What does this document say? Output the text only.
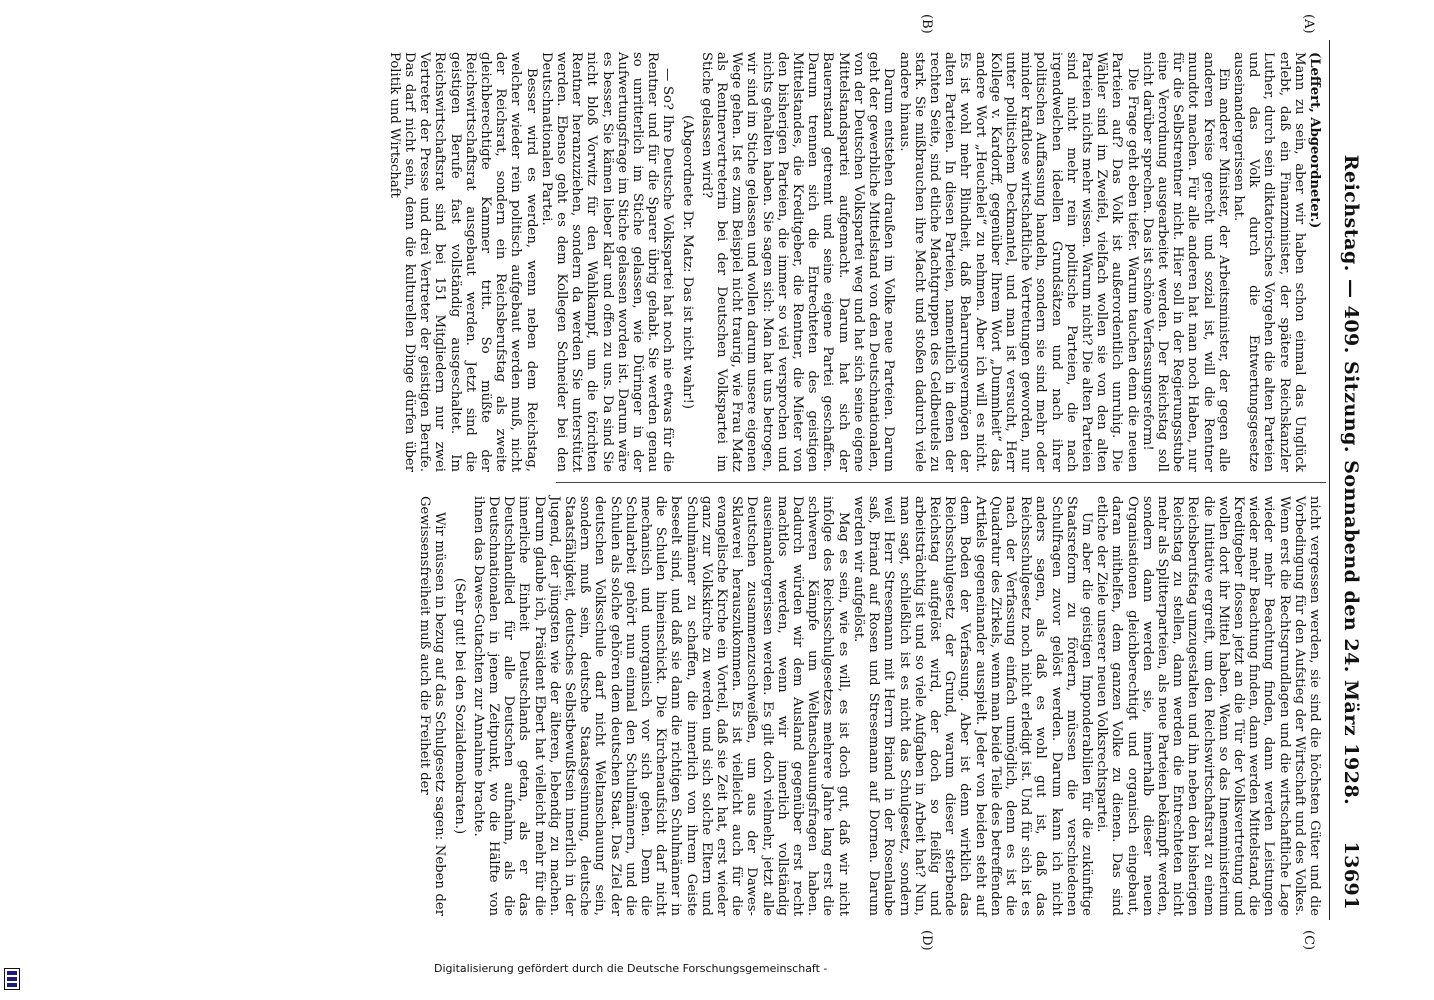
Reichstag. — 409. Sitzung. Sonnabend den 24. März 1928.
13691
(A)
(B)
(C)
(D)

(Leffert, Abgeordneter.)

Mann zu sein, aber wir haben schon einmal das Unglück erlebt, daß ein Finanzminister, der spätere Reichskanzler Luther, durch sein diktatorisches Vorgehen die alten Parteien und das Volk durch die Entwertungsgesetze auseinandergerissen hat.

Ein anderer Minister, der Arbeitsminister, der gegen alle anderen Kreise gerecht und sozial ist, will die Rentner mundtot machen. Für alle anderen hat man noch Haben, nur für die Selbstrentner nicht. Hier soll in der Regierungsstube eine Verordnung ausgearbeitet werden. Der Reichstag soll nicht darüber sprechen. Das ist schöne Verfassungsreform!

Die Frage geht eben tiefer. Warum tauchen denn die neuen Parteien auf? Das Volk ist außerordentlich unruhig. Die Wähler sind im Zweifel, vielfach wollen sie von den alten Parteien nichts mehr wissen. Warum nicht? Die alten Parteien sind nicht mehr rein politische Parteien, die nach irgendwelchen ideellen Grundsätzen und nach ihrer politischen Auffassung handeln, sondern sie sind mehr oder minder kraftlose wirtschaftliche Vertretungen geworden, nur unter politischem Deckmantel, und man ist versucht, Herr Kollege v. Kardorff, gegenüber Ihrem Wort „Dummheit“ das andere Wort „Heuchelei“ zu nehmen. Aber ich will es nicht. Es ist wohl mehr Blindheit, daß Beharrungsvermögen der alten Parteien. In diesen Parteien, namentlich in denen der rechten Seite, sind etliche Machtgruppen des Geldbeutels zu stark. Sie mißbrauchen ihre Macht und stoßen dadurch viele andere hinaus.

Darum entstehen draußen im Volke neue Parteien. Darum geht der gewerbliche Mittelstand von den Deutschnationalen, von der Deutschen Volkspartei weg und hat sich seine eigene Mittelstandspartei aufgemacht. Darum hat sich der Bauernstand getrennt und seine eigene Partei geschaffen. Darum trennen sich die Entrechteten des geistigen Mittelstandes, die Kreditgeber, die Rentner, die Mieter von den bisherigen Parteien, die immer so viel versprochen und nichts gehalten haben. Sie sagen sich: Man hat uns betrogen, wir sind im Stiche gelassen und wollen darum unsere eigenen Wege gehen. Ist es zum Beispiel nicht traurig, wie Frau Matz als Rentnervertreterin bei der Deutschen Volkspartei im Stiche gelassen wird?

(Abgeordnete Dr. Matz: Das ist nicht wahr!)

— So? Ihre Deutsche Volkspartei hat noch nie etwas für die Rentner und für die Sparer übrig gehabt. Sie werden genau so unritterlich im Stiche gelassen, wie Düringer in der Aufwertungsfrage im Stiche gelassen worden ist. Darum wäre es besser, Sie kämen lieber klar und offen zu uns. Da sind Sie nicht bloß Vorwitz für den Wahlkampf, um die törichten Rentner heranzuziehen, sondern da werden Sie unterstützt werden. Ebenso geht es dem Kollegen Schneider bei den Deutschnationalen Partei.

Besser wird es werden, wenn neben dem Reichstag, welcher wieder rein politisch aufgebaut werden muß, nicht der Reichsrat, sondern ein Reichsberufstag als zweite gleichberechtigte Kammer tritt. So müßte der Reichswirtschaftsrat ausgebaut werden. Jetzt sind die geistigen Berufe fast vollständig ausgeschaltet. Im Reichswirtschaftsrat sind bei 151 Mitgliedern nur zwei Vertreter der Presse und drei Vertreter der geistigen Berufe. Das darf nicht sein, denn die kulturellen Dinge dürfen über Politik und Wirtschaft

nicht vergessen werden, sie sind die höchsten Güter und die Vorbedingung für den Aufstieg der Wirtschaft und des Volkes. Wenn erst die Rechtsgrundlagen und die wirtschaftliche Lage wieder mehr Beachtung finden, dann werden Leistungen wieder mehr Beachtung finden, dann werden Mittelstand, die Kreditgeber flossen jetzt an die Tür der Volksvertretung und wollen dort ihr Mittel haben. Wenn so das Innenministerium die Initiative ergreift, um den Reichswirtschaftsrat zu einem Reichsberufstag umzugestalten und ihn neben den bisherigen Reichstag zu stellen, dann werden die Entrechteten nicht mehr als Splitterparteien, als neue Parteien bekämpft werden, sondern dann werden sie, innerhalb dieser neuen Organisationen gleichberechtigt und organisch eingebaut, daran mithelfen, dem ganzen Volke zu dienen. Das sind etliche der Ziele unserer neuen Volksrechtspartei.

Um aber die geistigen Imponderabilien für die zukünftige Staatsreform zu fördern, müssen die verschiedenen Schulfragen zuvor gelöst werden. Darum kann ich nicht anders sagen, als daß es wohl gut ist, daß das Reichsschulgesetz noch nicht erledigt ist. Und für sich ist es nach der Verfassung einfach unmöglich, denn es ist die Quadratur des Zirkels, wenn man beide Teile des betreffenden Artikels gegeneinander ausspielt. Jeder von beiden steht auf dem Boden der Verfassung. Aber ist denn wirklich das Reichsschulgesetz der Grund, warum dieser sterbende Reichstag aufgelöst wird, der doch so fleißig und arbeitsträchtig ist und so viele Aufgaben in Arbeit hat? Nun, man sagt, schließlich ist es nicht das Schulgesetz, sondern weil Herr Stresemann mit Herrn Briand in der Rosenlaube saß, Briand auf Rosen und Stresemann auf Dornen. Darum werden wir aufgelöst.

Mag es sein, wie es will, es ist doch gut, daß wir nicht infolge des Reichsschulgesetzes mehrere Jahre lang erst die schweren Kämpfe um Weltanschauungsfragen haben. Dadurch würden wir dem Ausland gegenüber erst recht machtlos werden, wenn wir innerlich vollständig auseinandergerissen werden. Es gilt doch vielmehr, jetzt alle Deutschen zusammenzuschweißen, um aus der Dawes-Sklaverei herauszukommen. Es ist vielleicht auch für die evangelische Kirche ein Vorteil, daß sie Zeit hat, erst wieder ganz zur Volkskirche zu werden und sich solche Eltern und Schulmänner zu schaffen, die innerlich von ihrem Geiste beseelt sind, und daß sie dann die richtigen Schulmänner in die Schulen hineinschickt. Die Kirchenaufsicht darf nicht mechanisch und unorganisch vor sich gehen. Denn die Schularbeit gehört nun einmal den Schulmännern, und die Schulen als solche gehören dem deutschen Staat. Das Ziel der deutschen Volksschule darf nicht Weltanschauung sein, sondern muß sein, deutsche Staatsgesinnung, deutsche Staatsfähigkeit, deutsches Selbstbewußtsein innerlich in der Jugend, der jüngsten wie der älteren, lebendig zu machen. Darum glaube ich, Präsident Ebert hat vielleicht mehr für die innerliche Einheit Deutschlands getan, als er das Deutschlandlied für alle Deutschen aufnahm, als die Deutschnationalen in jenem Zeitpunkt, wo die Hälfte von ihnen das Dawes-Gutachten zur Annahme brachte.

(Sehr gut! bei den Sozialdemokraten.)

Wir müssen in bezug auf das Schulgesetz sagen: Neben der Gewissensfreiheit muß auch die Freiheit der

Digitalisierung gefördert durch die Deutsche Forschungsgemeinschaft -
